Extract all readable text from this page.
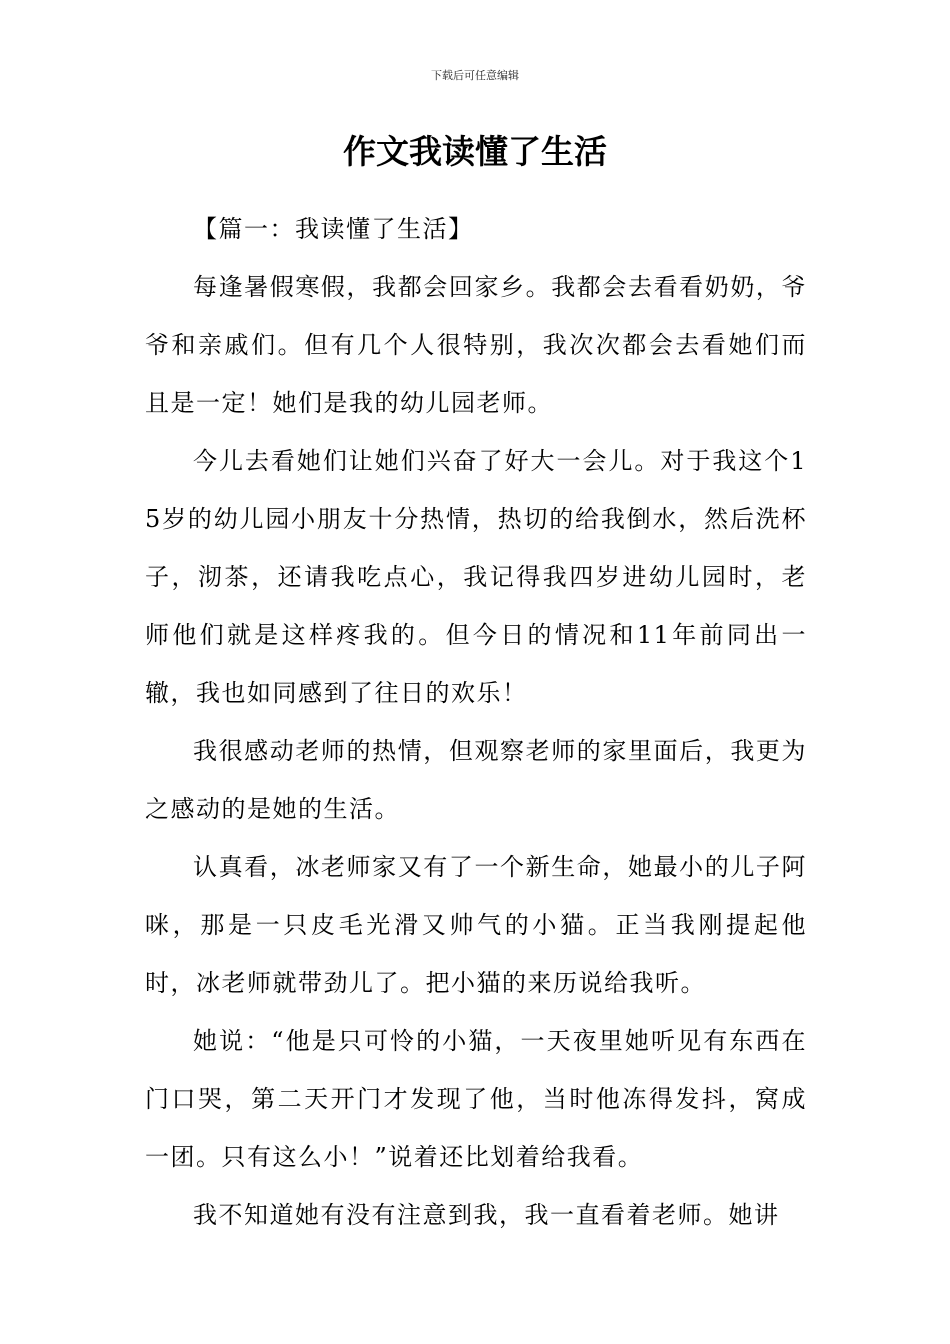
下载后可任意编辑
作文我读懂了生活

【篇一：我读懂了生活】

每逢暑假寒假，我都会回家乡。我都会去看看奶奶，爷爷和亲戚们。但有几个人很特别，我次次都会去看她们而且是一定！她们是我的幼儿园老师。

今儿去看她们让她们兴奋了好大一会儿。对于我这个15岁的幼儿园小朋友十分热情，热切的给我倒水，然后洗杯子，沏茶，还请我吃点心，我记得我四岁进幼儿园时，老师他们就是这样疼我的。但今日的情况和11年前同出一辙，我也如同感到了往日的欢乐！

我很感动老师的热情，但观察老师的家里面后，我更为之感动的是她的生活。

认真看，冰老师家又有了一个新生命，她最小的儿子阿咪，那是一只皮毛光滑又帅气的小猫。正当我刚提起他时，冰老师就带劲儿了。把小猫的来历说给我听。

她说：“他是只可怜的小猫，一天夜里她听见有东西在门口哭，第二天开门才发现了他，当时他冻得发抖，窝成一团。只有这么小！”说着还比划着给我看。

我不知道她有没有注意到我，我一直看着老师。她讲
